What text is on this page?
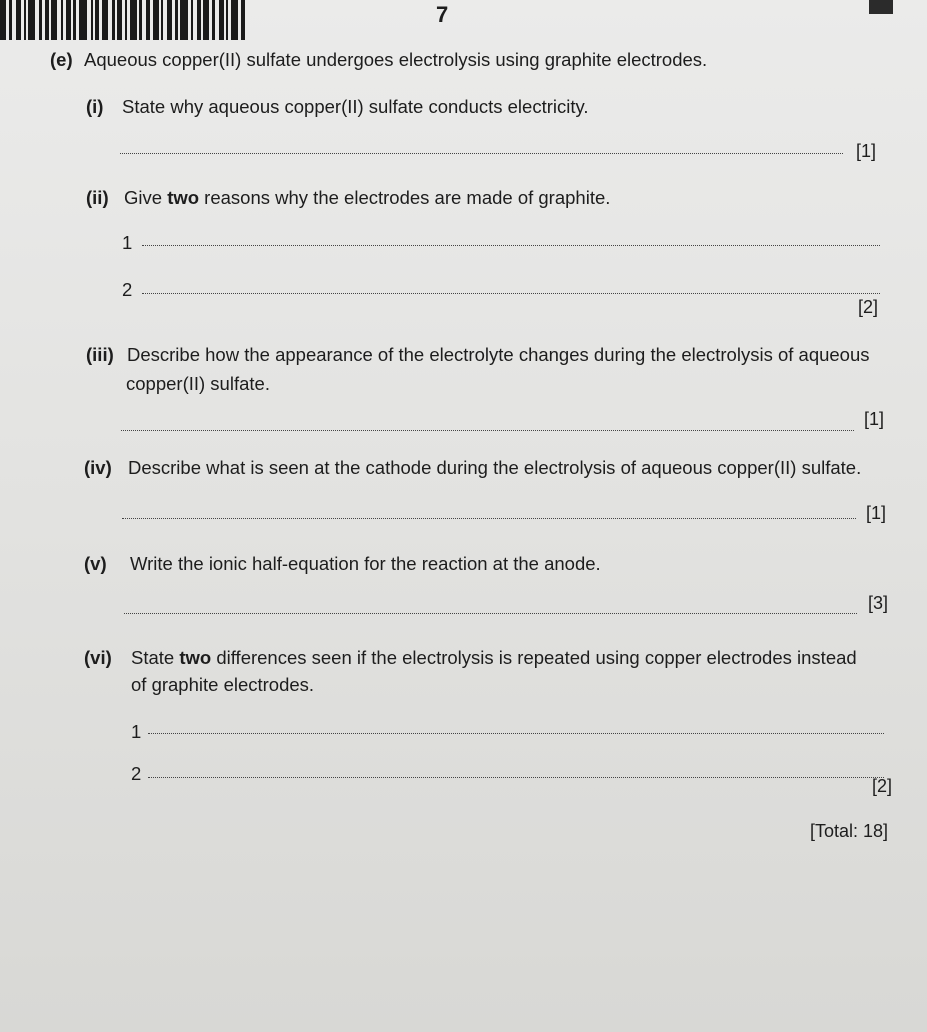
7
(e) Aqueous copper(II) sulfate undergoes electrolysis using graphite electrodes.
(i) State why aqueous copper(II) sulfate conducts electricity.
[1]
(ii) Give two reasons why the electrodes are made of graphite.
1
2
[2]
(iii) Describe how the appearance of the electrolyte changes during the electrolysis of aqueous
copper(II) sulfate.
[1]
(iv) Describe what is seen at the cathode during the electrolysis of aqueous copper(II) sulfate.
[1]
(v) Write the ionic half-equation for the reaction at the anode.
[3]
(vi) State two differences seen if the electrolysis is repeated using copper electrodes instead
of graphite electrodes.
1
2
[2]
[Total: 18]
